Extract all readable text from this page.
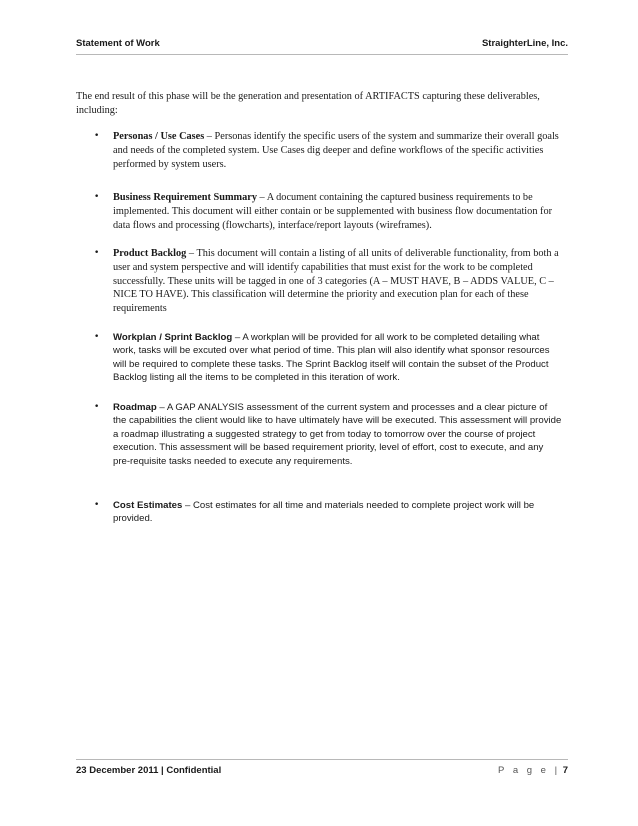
Statement of Work	StraighterLine, Inc.

The end result of this phase will be the generation and presentation of ARTIFACTS capturing these deliverables, including:

• Personas / Use Cases – Personas identify the specific users of the system and summarize their overall goals and needs of the completed system. Use Cases dig deeper and define workflows of the specific activities performed by system users.
• Business Requirement Summary – A document containing the captured business requirements to be implemented. This document will either contain or be supplemented with business flow documentation for data flows and processing (flowcharts), interface/report layouts (wireframes).
• Product Backlog – This document will contain a listing of all units of deliverable functionality, from both a user and system perspective and will identify capabilities that must exist for the work to be completed successfully. These units will be tagged in one of 3 categories (A – MUST HAVE, B – ADDS VALUE, C – NICE TO HAVE). This classification will determine the priority and execution plan for each of these requirements
• Workplan / Sprint Backlog – A workplan will be provided for all work to be completed detailing what work, tasks will be excuted over what period of time. This plan will also identify what sponsor resources will be required to complete these tasks. The Sprint Backlog itself will contain the subset of the Product Backlog listing all the items to be completed in this iteration of work.
• Roadmap – A GAP ANALYSIS assessment of the current system and processes and a clear picture of the capabilities the client would like to have ultimately have will be executed. This assessment will provide a roadmap illustrating a suggested strategy to get from today to tomorrow over the course of project execution. This assessment will be based requirement priority, level of effort, cost to execute, and any pre-requisite tasks needed to execute any requirements.
• Cost Estimates – Cost estimates for all time and materials needed to complete project work will be provided.
23 December 2011 | Confidential	P a g e | 7
